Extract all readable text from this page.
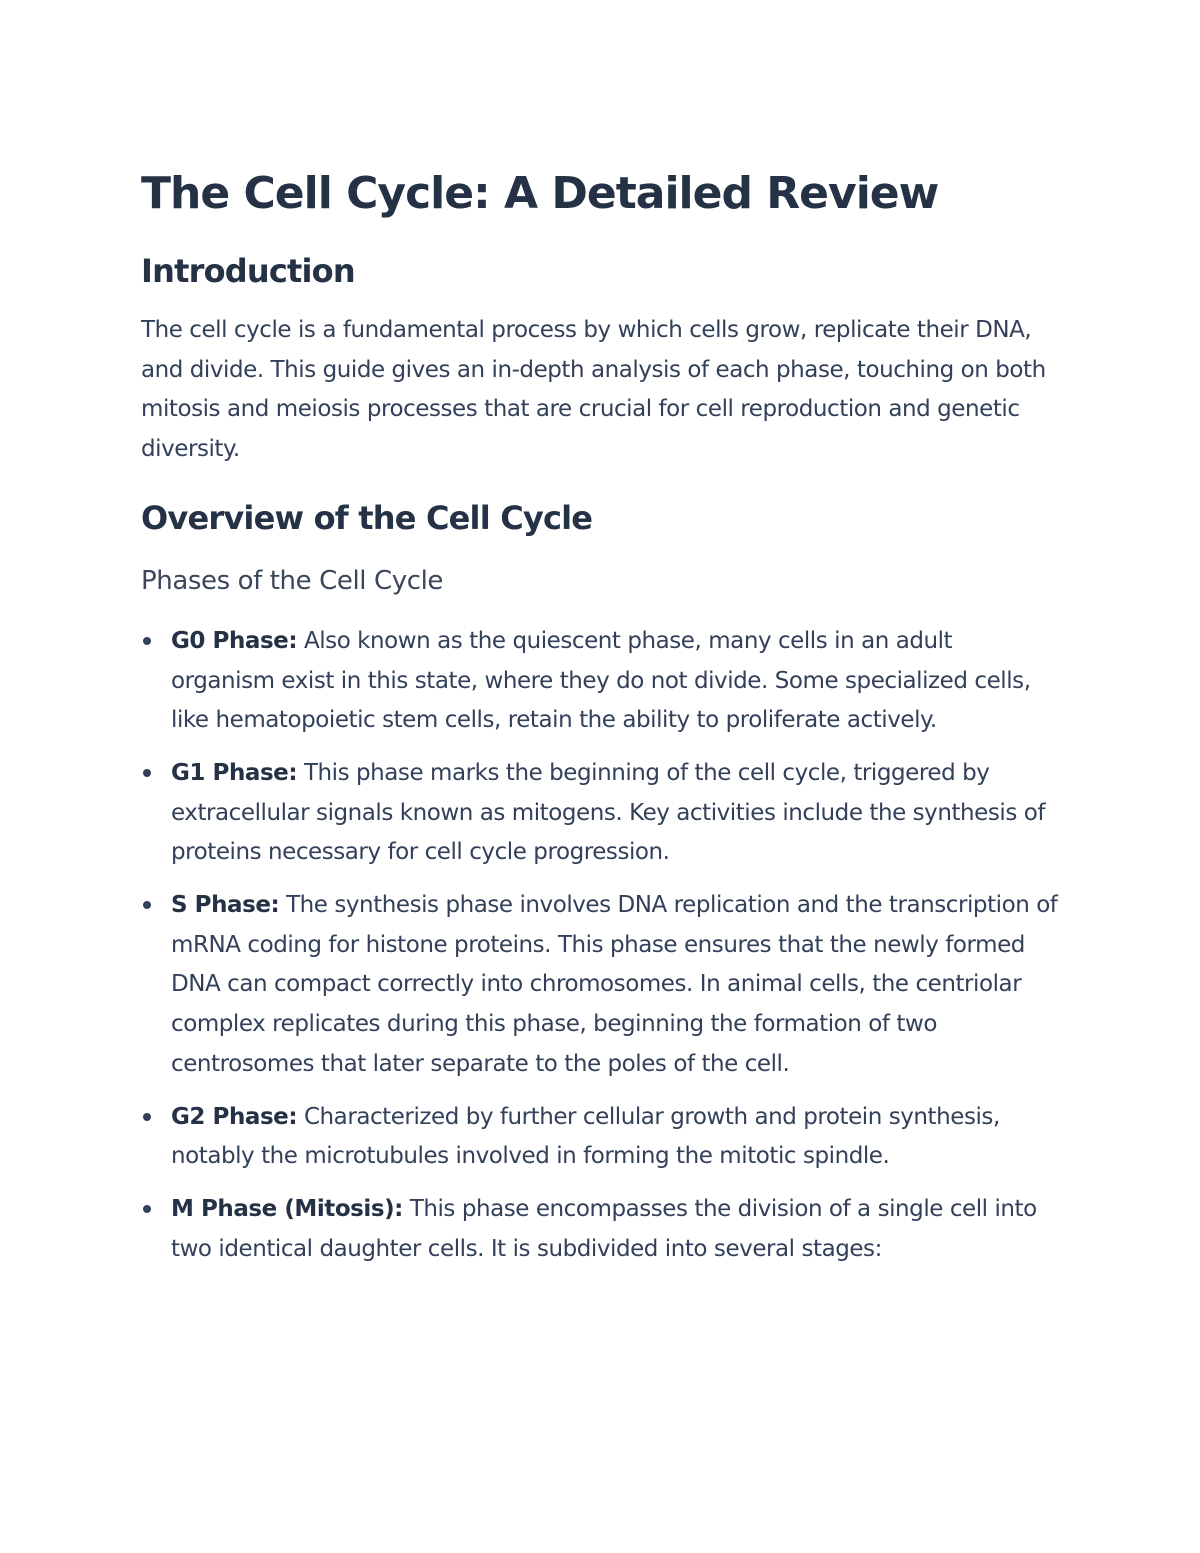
The Cell Cycle: A Detailed Review
Introduction

The cell cycle is a fundamental process by which cells grow, replicate their DNA, and divide. This guide gives an in-depth analysis of each phase, touching on both mitosis and meiosis processes that are crucial for cell reproduction and genetic diversity.

Overview of the Cell Cycle
Phases of the Cell Cycle
G0 Phase: Also known as the quiescent phase, many cells in an adult organism exist in this state, where they do not divide. Some specialized cells, like hematopoietic stem cells, retain the ability to proliferate actively.
G1 Phase: This phase marks the beginning of the cell cycle, triggered by extracellular signals known as mitogens. Key activities include the synthesis of proteins necessary for cell cycle progression.
S Phase: The synthesis phase involves DNA replication and the transcription of mRNA coding for histone proteins. This phase ensures that the newly formed DNA can compact correctly into chromosomes. In animal cells, the centriolar complex replicates during this phase, beginning the formation of two centrosomes that later separate to the poles of the cell.
G2 Phase: Characterized by further cellular growth and protein synthesis, notably the microtubules involved in forming the mitotic spindle.
M Phase (Mitosis): This phase encompasses the division of a single cell into two identical daughter cells. It is subdivided into several stages:
